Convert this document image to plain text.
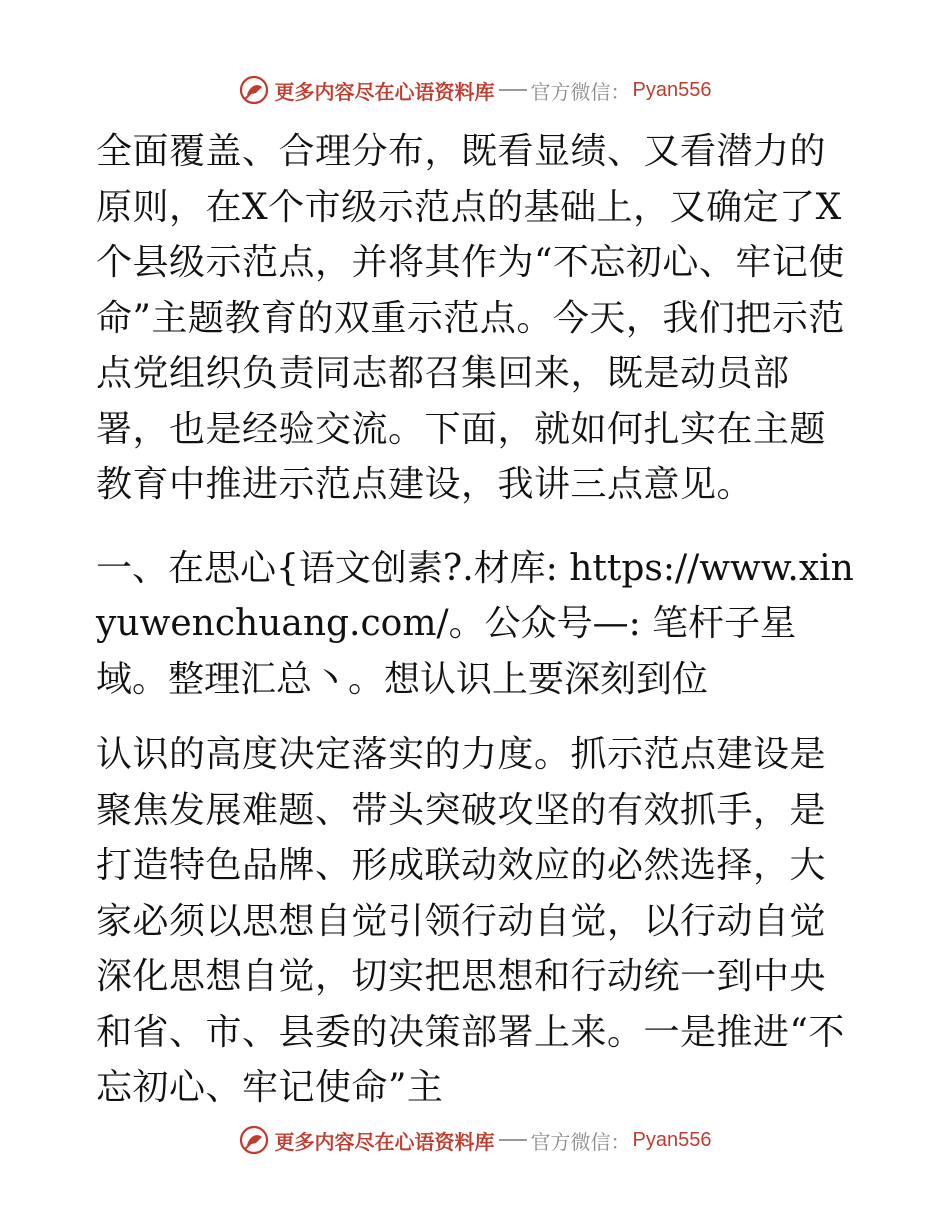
更多内容尽在心语资料库 官方微信： Pyan556

全面覆盖、合理分布，既看显绩、又看潜力的原则，在X个市级示范点的基础上，又确定了X个县级示范点，并将其作为“不忘初心、牢记使命”主题教育的双重示范点。今天，我们把示范点党组织负责同志都召集回来，既是动员部署，也是经验交流。下面，就如何扎实在主题教育中推进示范点建设，我讲三点意见。

一、在思心{语文创素?.材库: https://www.xinyuwenchuang.com/。公众号—: 笔杆子星域。整理汇总丶。想认识上要深刻到位

认识的高度决定落实的力度。抓示范点建设是聚焦发展难题、带头突破攻坚的有效抓手，是打造特色品牌、形成联动效应的必然选择，大家必须以思想自觉引领行动自觉，以行动自觉深化思想自觉，切实把思想和行动统一到中央和省、市、县委的决策部署上来。一是推进“不忘初心、牢记使命”主

更多内容尽在心语资料库 官方微信： Pyan556
